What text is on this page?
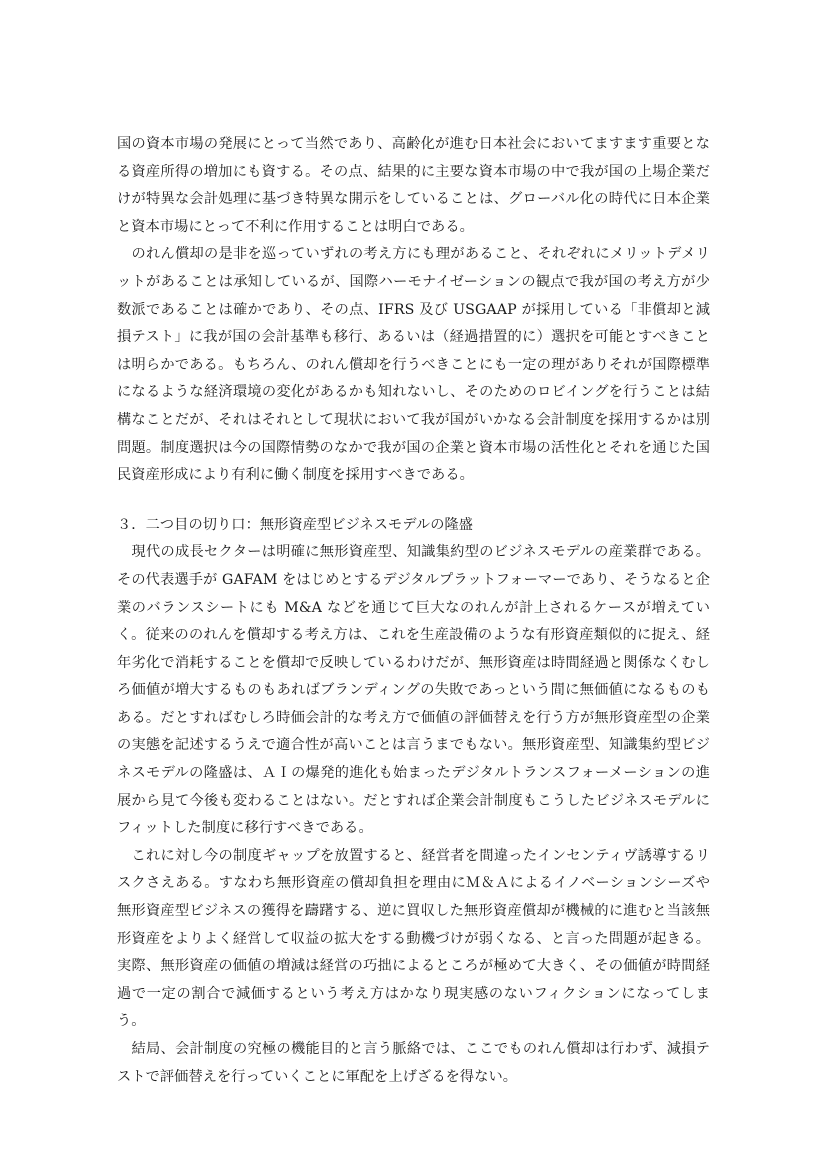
国の資本市場の発展にとって当然であり、高齢化が進む日本社会においてますます重要となる資産所得の増加にも資する。その点、結果的に主要な資本市場の中で我が国の上場企業だけが特異な会計処理に基づき特異な開示をしていることは、グローバル化の時代に日本企業と資本市場にとって不利に作用することは明白である。

のれん償却の是非を巡っていずれの考え方にも理があること、それぞれにメリットデメリットがあることは承知しているが、国際ハーモナイゼーションの観点で我が国の考え方が少数派であることは確かであり、その点、IFRS 及び USGAAP が採用している「非償却と減損テスト」に我が国の会計基準も移行、あるいは（経過措置的に）選択を可能とすべきことは明らかである。もちろん、のれん償却を行うべきことにも一定の理がありそれが国際標準になるような経済環境の変化があるかも知れないし、そのためのロビイングを行うことは結構なことだが、それはそれとして現状において我が国がいかなる会計制度を採用するかは別問題。制度選択は今の国際情勢のなかで我が国の企業と資本市場の活性化とそれを通じた国民資産形成により有利に働く制度を採用すべきである。

３．二つ目の切り口：無形資産型ビジネスモデルの隆盛

現代の成長セクターは明確に無形資産型、知識集約型のビジネスモデルの産業群である。その代表選手が GAFAM をはじめとするデジタルプラットフォーマーであり、そうなると企業のバランスシートにも M&A などを通じて巨大なのれんが計上されるケースが増えていく。従来ののれんを償却する考え方は、これを生産設備のような有形資産類似的に捉え、経年劣化で消耗することを償却で反映しているわけだが、無形資産は時間経過と関係なくむしろ価値が増大するものもあればブランディングの失敗であっという間に無価値になるものもある。だとすればむしろ時価会計的な考え方で価値の評価替えを行う方が無形資産型の企業の実態を記述するうえで適合性が高いことは言うまでもない。無形資産型、知識集約型ビジネスモデルの隆盛は、ＡＩの爆発的進化も始まったデジタルトランスフォーメーションの進展から見て今後も変わることはない。だとすれば企業会計制度もこうしたビジネスモデルにフィットした制度に移行すべきである。

これに対し今の制度ギャップを放置すると、経営者を間違ったインセンティヴ誘導するリスクさえある。すなわち無形資産の償却負担を理由にＭ＆Ａによるイノベーションシーズや無形資産型ビジネスの獲得を躊躇する、逆に買収した無形資産償却が機械的に進むと当該無形資産をよりよく経営して収益の拡大をする動機づけが弱くなる、と言った問題が起きる。実際、無形資産の価値の増減は経営の巧拙によるところが極めて大きく、その価値が時間経過で一定の割合で減価するという考え方はかなり現実感のないフィクションになってしまう。

結局、会計制度の究極の機能目的と言う脈絡では、ここでものれん償却は行わず、減損テストで評価替えを行っていくことに軍配を上げざるを得ない。
